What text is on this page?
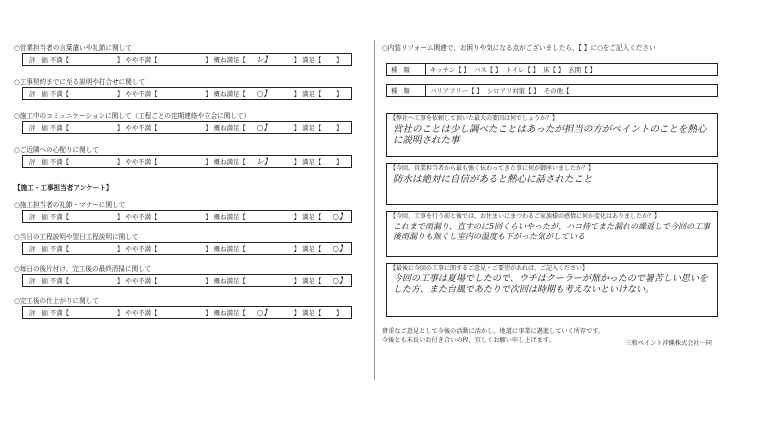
○営業担当者の言葉遣いや礼節に関して
評 価 不満【	】 やや不満【	】 概ね満足【	レ】	】 満足【	】
○工事契約までに至る説明や打合せに関して
評 価 不満【	】 やや不満【	】 概ね満足【	○】	】 満足【	】
○施工中のコミュニケーションに関して（工程ごとの定期連絡や立会に関して）
評 価 不満【	】 やや不満【	】 概ね満足【	○】	】 満足【	】
○ご近隣への心配りに関して
評 価 不満【	】 やや不満【	】 概ね満足【	レ】	】 満足【	】
【施工・工事担当者アンケート】
○施工担当者の礼節・マナーに関して
評 価 不満【	】 やや不満【	】 概ね満足【	】 満足【	○】
○当日の工程説明や翌日工程説明に関して
評 価 不満【	】 やや不満【	】 概ね満足【	】 満足【	○】
○毎日の後片付け、完工後の最終清掃に関して
評 価 不満【	】 やや不満【	】 概ね満足【	】 満足【	○】
○完工後の仕上がりに関して
評 価 不満【	】 やや不満【	】 概ね満足【	○】	】 満足【	】
○内装リフォーム関連で、お困りや気になる点がございましたら、【 】に○をご記入ください
種 類	キッチン【 】 バス【 】 トイレ【 】 床【 】 玄関【 】
種 類	バリアフリー【 】 シロアリ対策【 】 その他【
【弊社へ工事を依頼して頂いた最大の要因は何でしょうか？】
営社のことは少し調べたことはあったが担当の方がペイントのことを熱心に説明された事
【今回、営業担当者から最も強く伝わってきた事に何が御座いましたか？】
防水は絶対に自信があると熱心に話されたこと
【今回、工事を行う前と後では、お住まいにまつわるご家族様の感情に何か変化はありましたか？】
これまで雨漏り、直すのに5回くらいやったが、ハコ持てまた漏れの繰返しで今回の工事後雨漏りも無くし室内の温度も下がった気がしている
【最後に今回の工事に関するご意見・ご要望があれば、ご記入ください】
今回の工事は夏場でしたので、ウチはクーラーが無かったので暑苦しい思いをした方、また台風であたりで次回は時期も考えないといけない。
貴重なご意見として今後の活動に活かし、地道に事業に邁進していく所存です。
今後とも末長いお付き合いの程、宜しくお願い申し上げます。	三和ペイント沖縄株式会社一同
